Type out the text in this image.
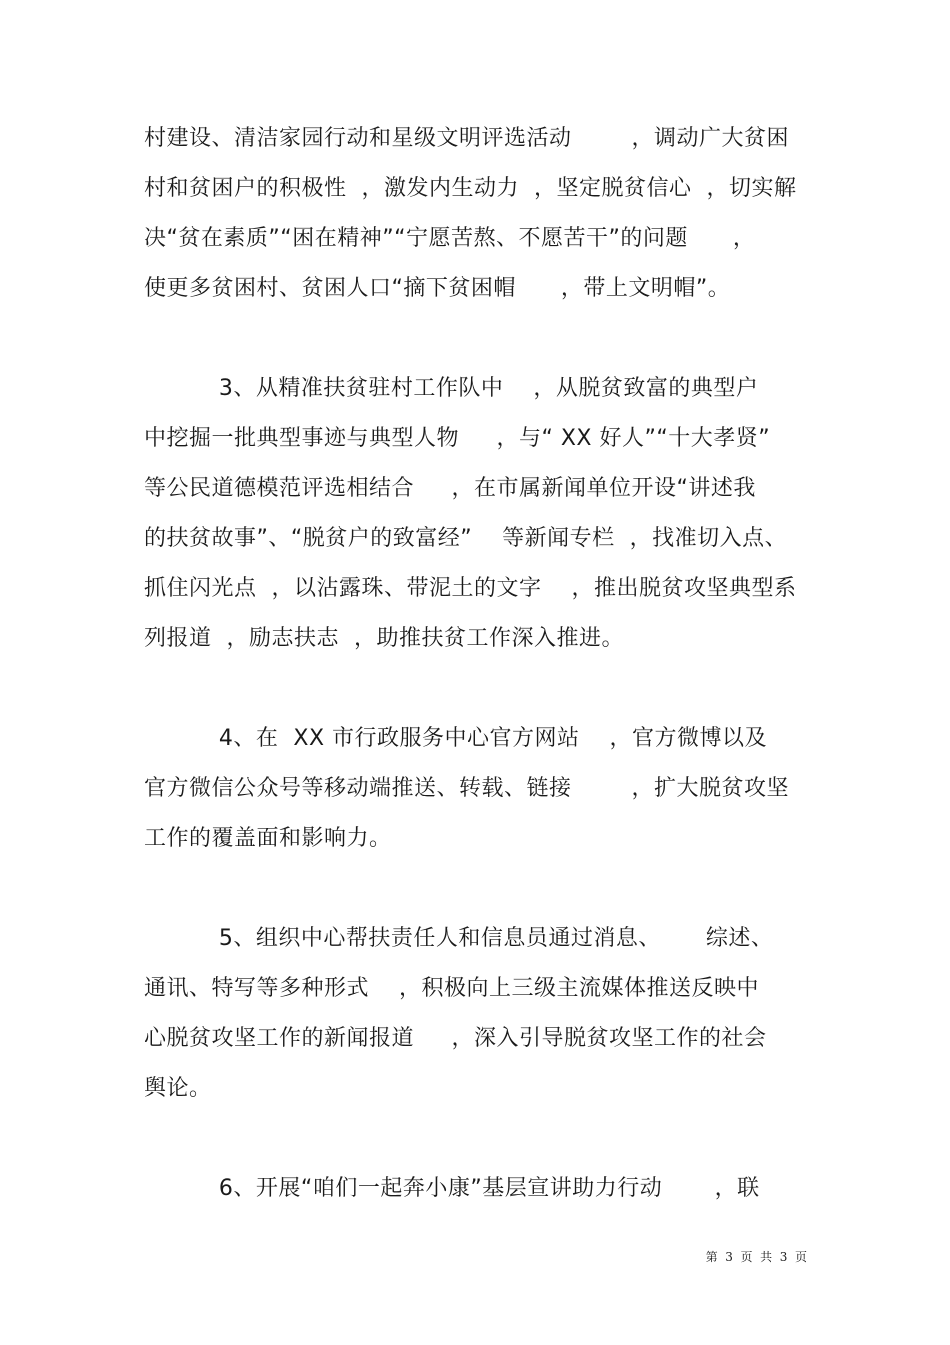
村建设、清洁家园行动和星级文明评选活动        ，调动广大贫困
村和贫困户的积极性  ，激发内生动力  ，坚定脱贫信心  ，切实解
决“贫在素质”“困在精神”“宁愿苦熬、不愿苦干”的问题      ，
使更多贫困村、贫困人口“摘下贫困帽      ，带上文明帽”。
3、从精准扶贫驻村工作队中    ，从脱贫致富的典型户
中挖掘一批典型事迹与典型人物     ，与“ XX 好人”“十大孝贤”
等公民道德模范评选相结合     ，在市属新闻单位开设“讲述我
的扶贫故事”、“脱贫户的致富经”    等新闻专栏  ，找准切入点、
抓住闪光点  ，以沾露珠、带泥土的文字    ，推出脱贫攻坚典型系
列报道  ，励志扶志  ，助推扶贫工作深入推进。
4、在  XX 市行政服务中心官方网站    ，官方微博以及
官方微信公众号等移动端推送、转载、链接        ，扩大脱贫攻坚
工作的覆盖面和影响力。
5、组织中心帮扶责任人和信息员通过消息、      综述、
通讯、特写等多种形式    ，积极向上三级主流媒体推送反映中
心脱贫攻坚工作的新闻报道     ，深入引导脱贫攻坚工作的社会
舆论。
6、开展“咱们一起奔小康”基层宣讲助力行动       ，联
第  3  页  共  3  页
